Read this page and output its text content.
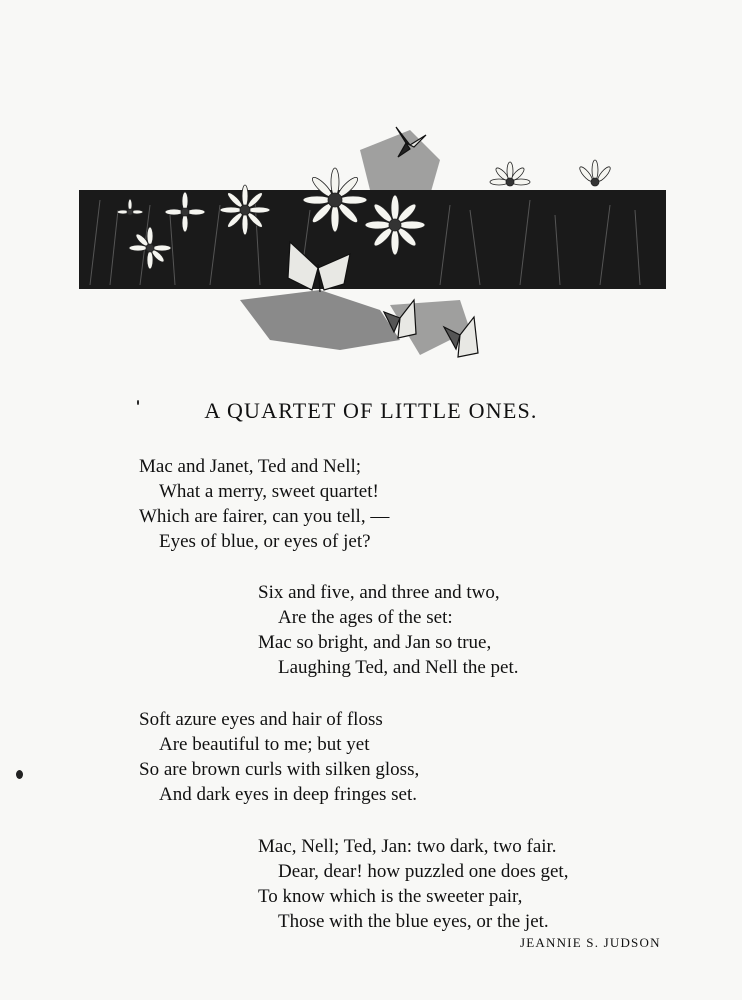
A QUARTET OF LITTLE ONES.
Mac and Janet, Ted and Nell;
What a merry, sweet quartet!
Which are fairer, can you tell, —
Eyes of blue, or eyes of jet?
Six and five, and three and two,
Are the ages of the set:
Mac so bright, and Jan so true,
Laughing Ted, and Nell the pet.
Soft azure eyes and hair of floss
Are beautiful to me; but yet
So are brown curls with silken gloss,
And dark eyes in deep fringes set.
Mac, Nell; Ted, Jan: two dark, two fair.
Dear, dear! how puzzled one does get,
To know which is the sweeter pair,
Those with the blue eyes, or the jet.
JEANNIE S. JUDSON
